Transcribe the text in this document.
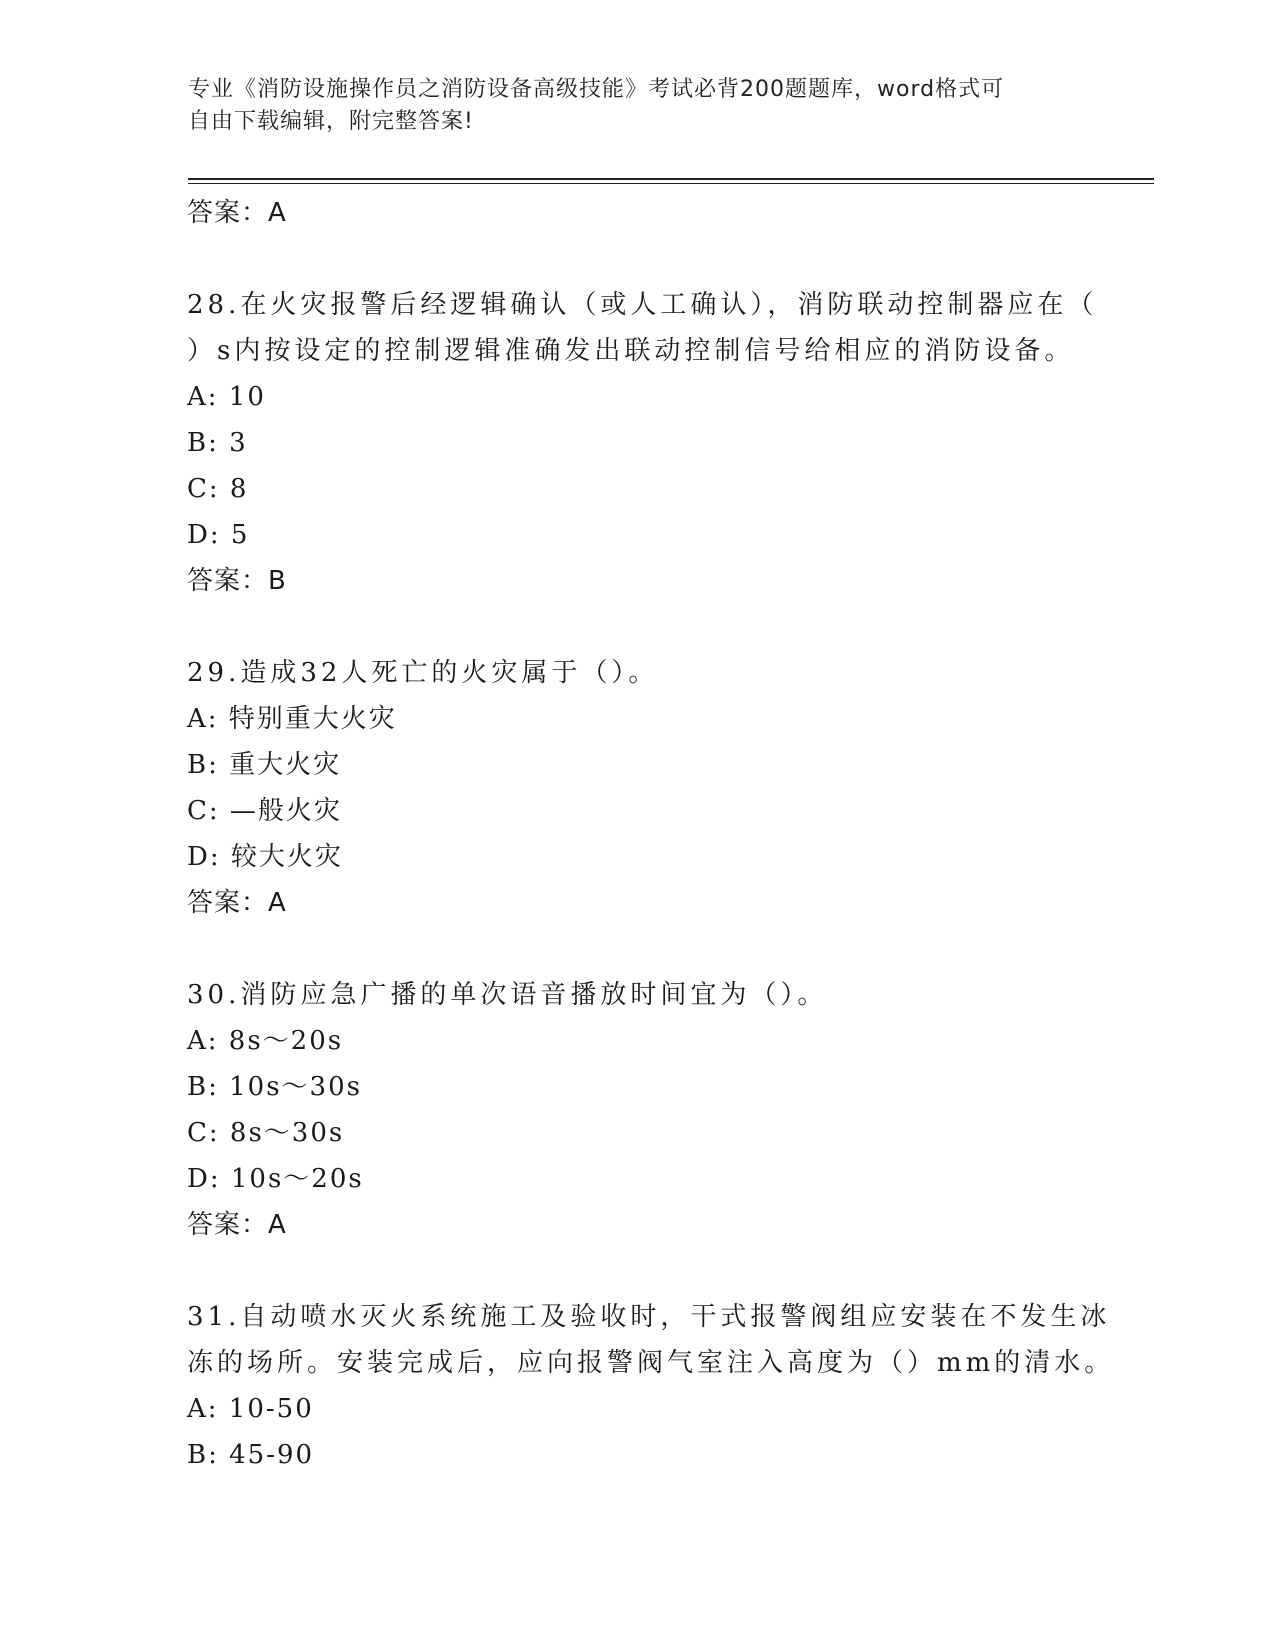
专业《消防设施操作员之消防设备高级技能》考试必背200题题库，word格式可
自由下载编辑，附完整答案!
答案：A
28.在火灾报警后经逻辑确认（或人工确认），消防联动控制器应在（
）s内按设定的控制逻辑准确发出联动控制信号给相应的消防设备。
A: 10
B: 3
C: 8
D: 5
答案：B
29.造成32人死亡的火灾属于（）。
A: 特别重大火灾
B: 重大火灾
C: —般火灾
D: 较大火灾
答案：A
30.消防应急广播的单次语音播放时间宜为（）。
A: 8s～20s
B: 10s～30s
C: 8s～30s
D: 10s～20s
答案：A
31.自动喷水灭火系统施工及验收时，干式报警阀组应安装在不发生冰
冻的场所。安装完成后，应向报警阀气室注入高度为（）mm的清水。
A: 10-50
B: 45-90
